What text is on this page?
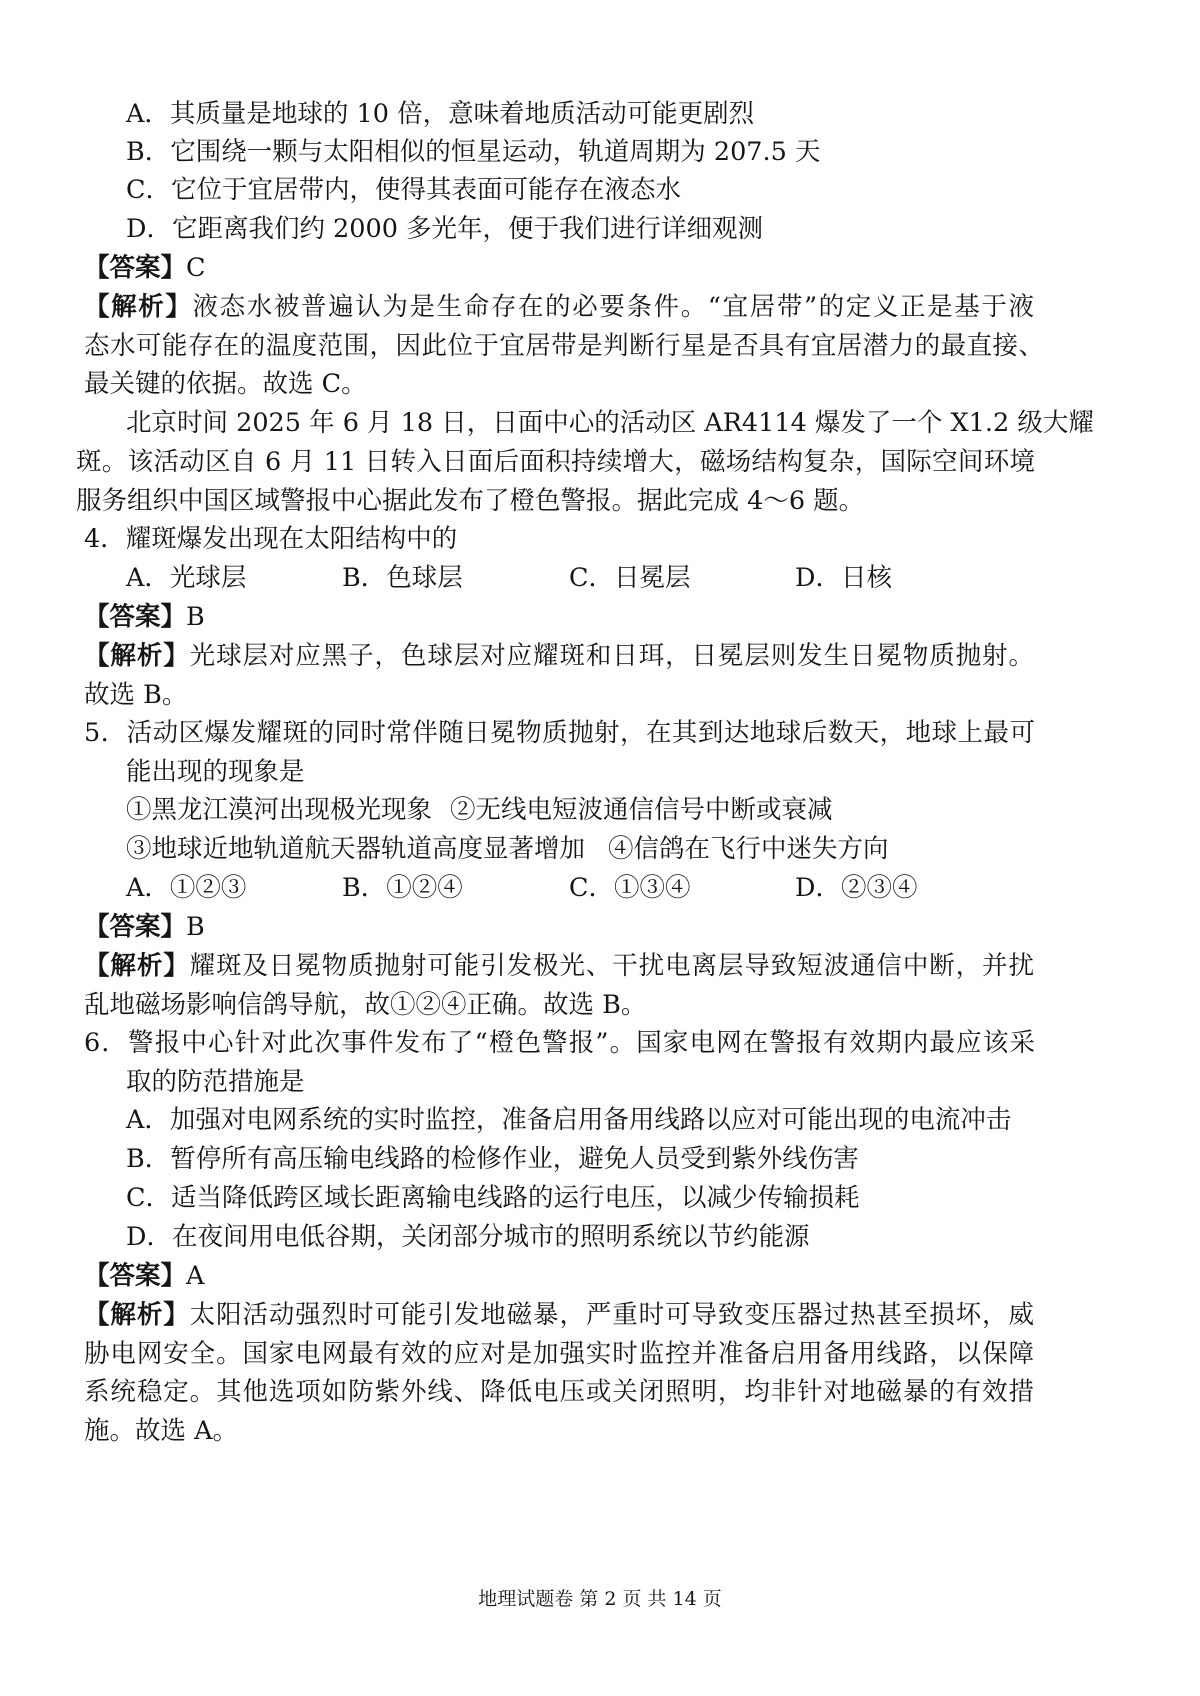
A．其质量是地球的 10 倍，意味着地质活动可能更剧烈
B．它围绕一颗与太阳相似的恒星运动，轨道周期为 207.5 天
C．它位于宜居带内，使得其表面可能存在液态水
D．它距离我们约 2000 多光年，便于我们进行详细观测
【答案】C
【解析】液态水被普遍认为是生命存在的必要条件。“宜居带”的定义正是基于液
态水可能存在的温度范围，因此位于宜居带是判断行星是否具有宜居潜力的最直接、
最关键的依据。故选 C。
北京时间 2025 年 6 月 18 日，日面中心的活动区 AR4114 爆发了一个 X1.2 级大耀
斑。该活动区自 6 月 11 日转入日面后面积持续增大，磁场结构复杂，国际空间环境
服务组织中国区域警报中心据此发布了橙色警报。据此完成 4～6 题。
4．耀斑爆发出现在太阳结构中的
A．光球层	B．色球层	C．日冕层	D．日核
【答案】B
【解析】光球层对应黑子，色球层对应耀斑和日珥，日冕层则发生日冕物质抛射。
故选 B。
5．活动区爆发耀斑的同时常伴随日冕物质抛射，在其到达地球后数天，地球上最可
能出现的现象是
①黑龙江漠河出现极光现象 ②无线电短波通信信号中断或衰减
③地球近地轨道航天器轨道高度显著增加 ④信鸽在飞行中迷失方向
A．①②③	B．①②④	C．①③④	D．②③④
【答案】B
【解析】耀斑及日冕物质抛射可能引发极光、干扰电离层导致短波通信中断，并扰
乱地磁场影响信鸽导航，故①②④正确。故选 B。
6．警报中心针对此次事件发布了“橙色警报”。国家电网在警报有效期内最应该采
取的防范措施是
A．加强对电网系统的实时监控，准备启用备用线路以应对可能出现的电流冲击
B．暂停所有高压输电线路的检修作业，避免人员受到紫外线伤害
C．适当降低跨区域长距离输电线路的运行电压，以减少传输损耗
D．在夜间用电低谷期，关闭部分城市的照明系统以节约能源
【答案】A
【解析】太阳活动强烈时可能引发地磁暴，严重时可导致变压器过热甚至损坏，威
胁电网安全。国家电网最有效的应对是加强实时监控并准备启用备用线路，以保障
系统稳定。其他选项如防紫外线、降低电压或关闭照明，均非针对地磁暴的有效措
施。故选 A。
地理试题卷 第 2 页 共 14 页
